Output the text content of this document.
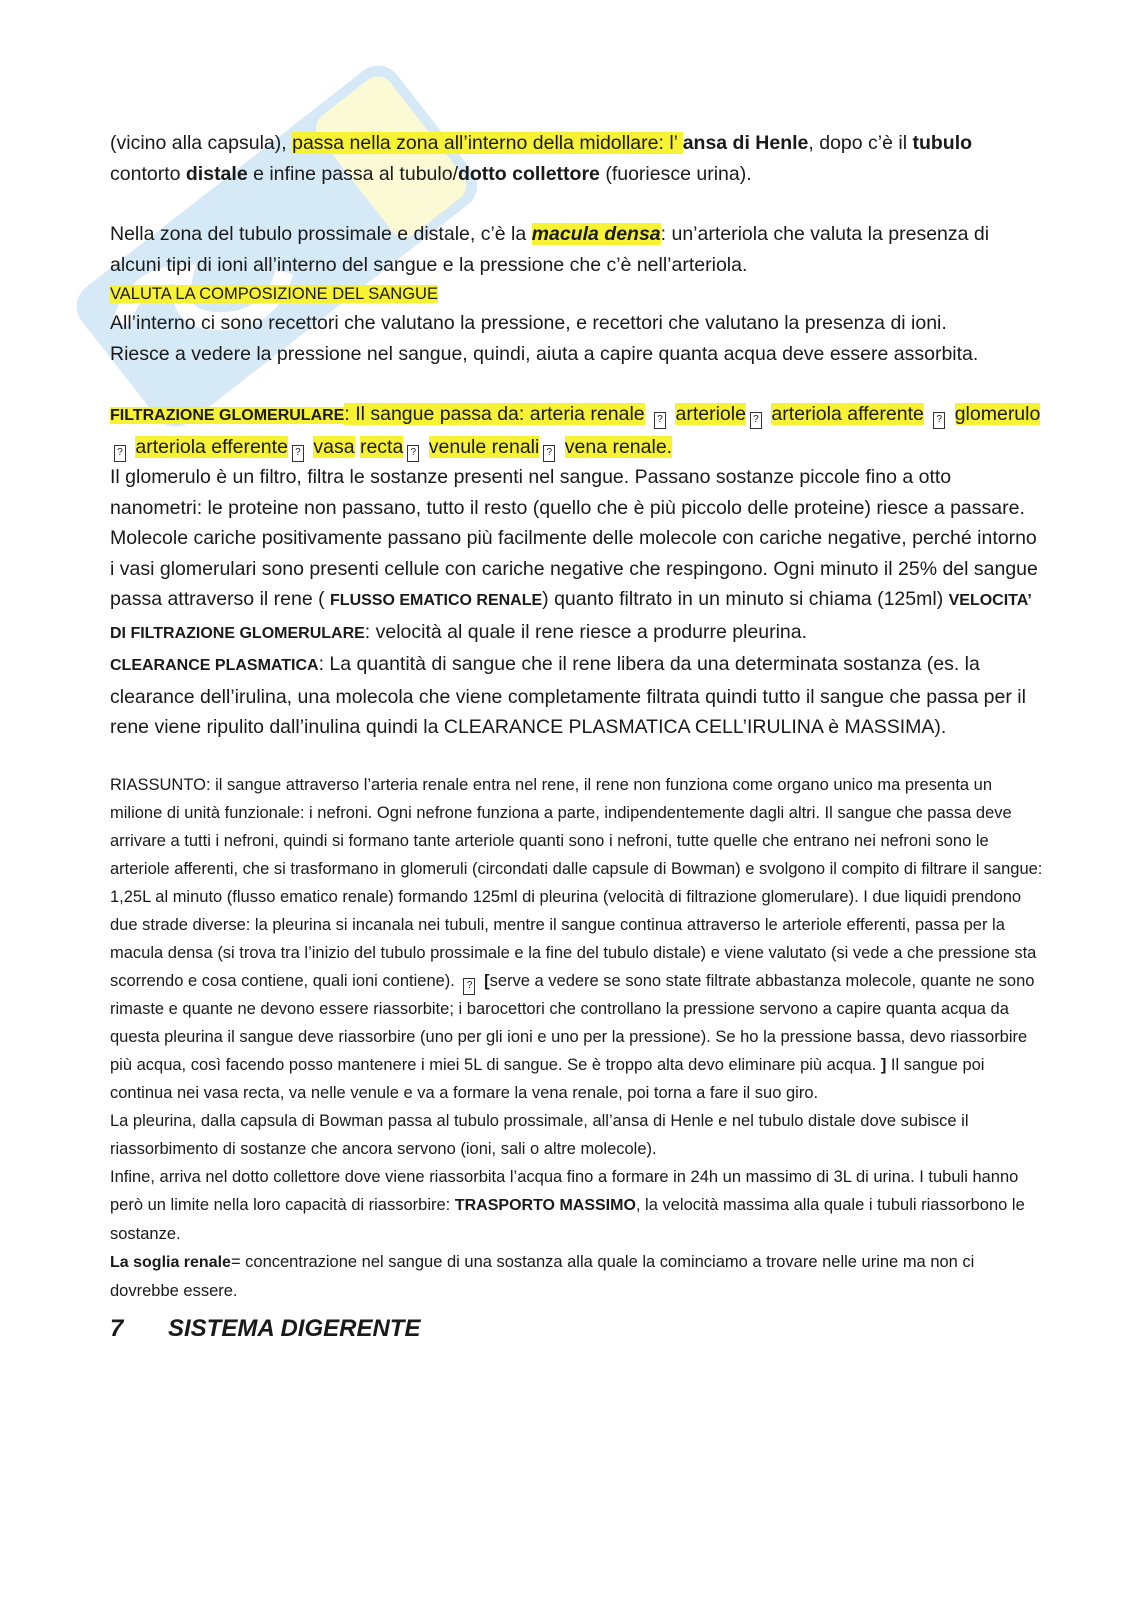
(vicino alla capsula), passa nella zona all’interno della midollare: l’ ansa di Henle, dopo c’è il tubulo contorto distale e infine passa al tubulo/dotto collettore (fuoriesce urina).

Nella zona del tubulo prossimale e distale, c’è la macula densa: un’arteriola che valuta la presenza di alcuni tipi di ioni all’interno del sangue e la pressione che c’è nell’arteriola.

VALUTA LA COMPOSIZIONE DEL SANGUE

All’interno ci sono recettori che valutano la pressione, e recettori che valutano la presenza di ioni.

Riesce a vedere la pressione nel sangue, quindi, aiuta a capire quanta acqua deve essere assorbita.

FILTRAZIONE GLOMERULARE: Il sangue passa da: arteria renale ? arteriole ? arteriola afferente ? glomerulo? arteriola efferente ? vasa recta ? venule renali ? vena renale.

Il glomerulo è un filtro, filtra le sostanze presenti nel sangue. Passano sostanze piccole fino a otto nanometri: le proteine non passano, tutto il resto (quello che è più piccolo delle proteine) riesce a passare. Molecole cariche positivamente passano più facilmente delle molecole con cariche negative, perché intorno i vasi glomerulari sono presenti cellule con cariche negative che respingono. Ogni minuto il 25% del sangue passa attraverso il rene ( FLUSSO EMATICO RENALE) quanto filtrato in un minuto si chiama (125ml) VELOCITA’ DI FILTRAZIONE GLOMERULARE: velocità al quale il rene riesce a produrre pleurina.

CLEARANCE PLASMATICA: La quantità di sangue che il rene libera da una determinata sostanza (es. la clearance dell’irulina, una molecola che viene completamente filtrata quindi tutto il sangue che passa per il rene viene ripulito dall’inulina quindi la CLEARANCE PLASMATICA CELL’IRULINA è MASSIMA).

RIASSUNTO: il sangue attraverso l’arteria renale entra nel rene, il rene non funziona come organo unico ma presenta un milione di unità funzionale: i nefroni. Ogni nefrone funziona a parte, indipendentemente dagli altri. Il sangue che passa deve arrivare a tutti i nefroni, quindi si formano tante arteriole quanti sono i nefroni, tutte quelle che entrano nei nefroni sono le arteriole afferenti, che si trasformano in glomeruli (circondati dalle capsule di Bowman) e svolgono il compito di filtrare il sangue: 1,25L al minuto (flusso ematico renale) formando 125ml di pleurina (velocità di filtrazione glomerulare). I due liquidi prendono due strade diverse: la pleurina si incanala nei tubuli, mentre il sangue continua attraverso le arteriole efferenti, passa per la macula densa (si trova tra l’inizio del tubulo prossimale e la fine del tubulo distale) e viene valutato (si vede a che pressione sta scorrendo e cosa contiene, quali ioni contiene). ? [serve a vedere se sono state filtrate abbastanza molecole, quante ne sono rimaste e quante ne devono essere riassorbite; i barocettori che controllano la pressione servono a capire quanta acqua da questa pleurina il sangue deve riassorbire (uno per gli ioni e uno per la pressione). Se ho la pressione bassa, devo riassorbire più acqua, così facendo posso mantenere i miei 5L di sangue. Se è troppo alta devo eliminare più acqua. ] Il sangue poi continua nei vasa recta, va nelle venule e va a formare la vena renale, poi torna a fare il suo giro.

La pleurina, dalla capsula di Bowman passa al tubulo prossimale, all’ansa di Henle e nel tubulo distale dove subisce il riassorbimento di sostanze che ancora servono (ioni, sali o altre molecole).

Infine, arriva nel dotto collettore dove viene riassorbita l’acqua fino a formare in 24h un massimo di 3L di urina. I tubuli hanno però un limite nella loro capacità di riassorbire: TRASPORTO MASSIMO, la velocità massima alla quale i tubuli riassorbono le sostanze.

La soglia renale= concentrazione nel sangue di una sostanza alla quale la cominciamo a trovare nelle urine ma non ci dovrebbe essere.

7 SISTEMA DIGERENTE
